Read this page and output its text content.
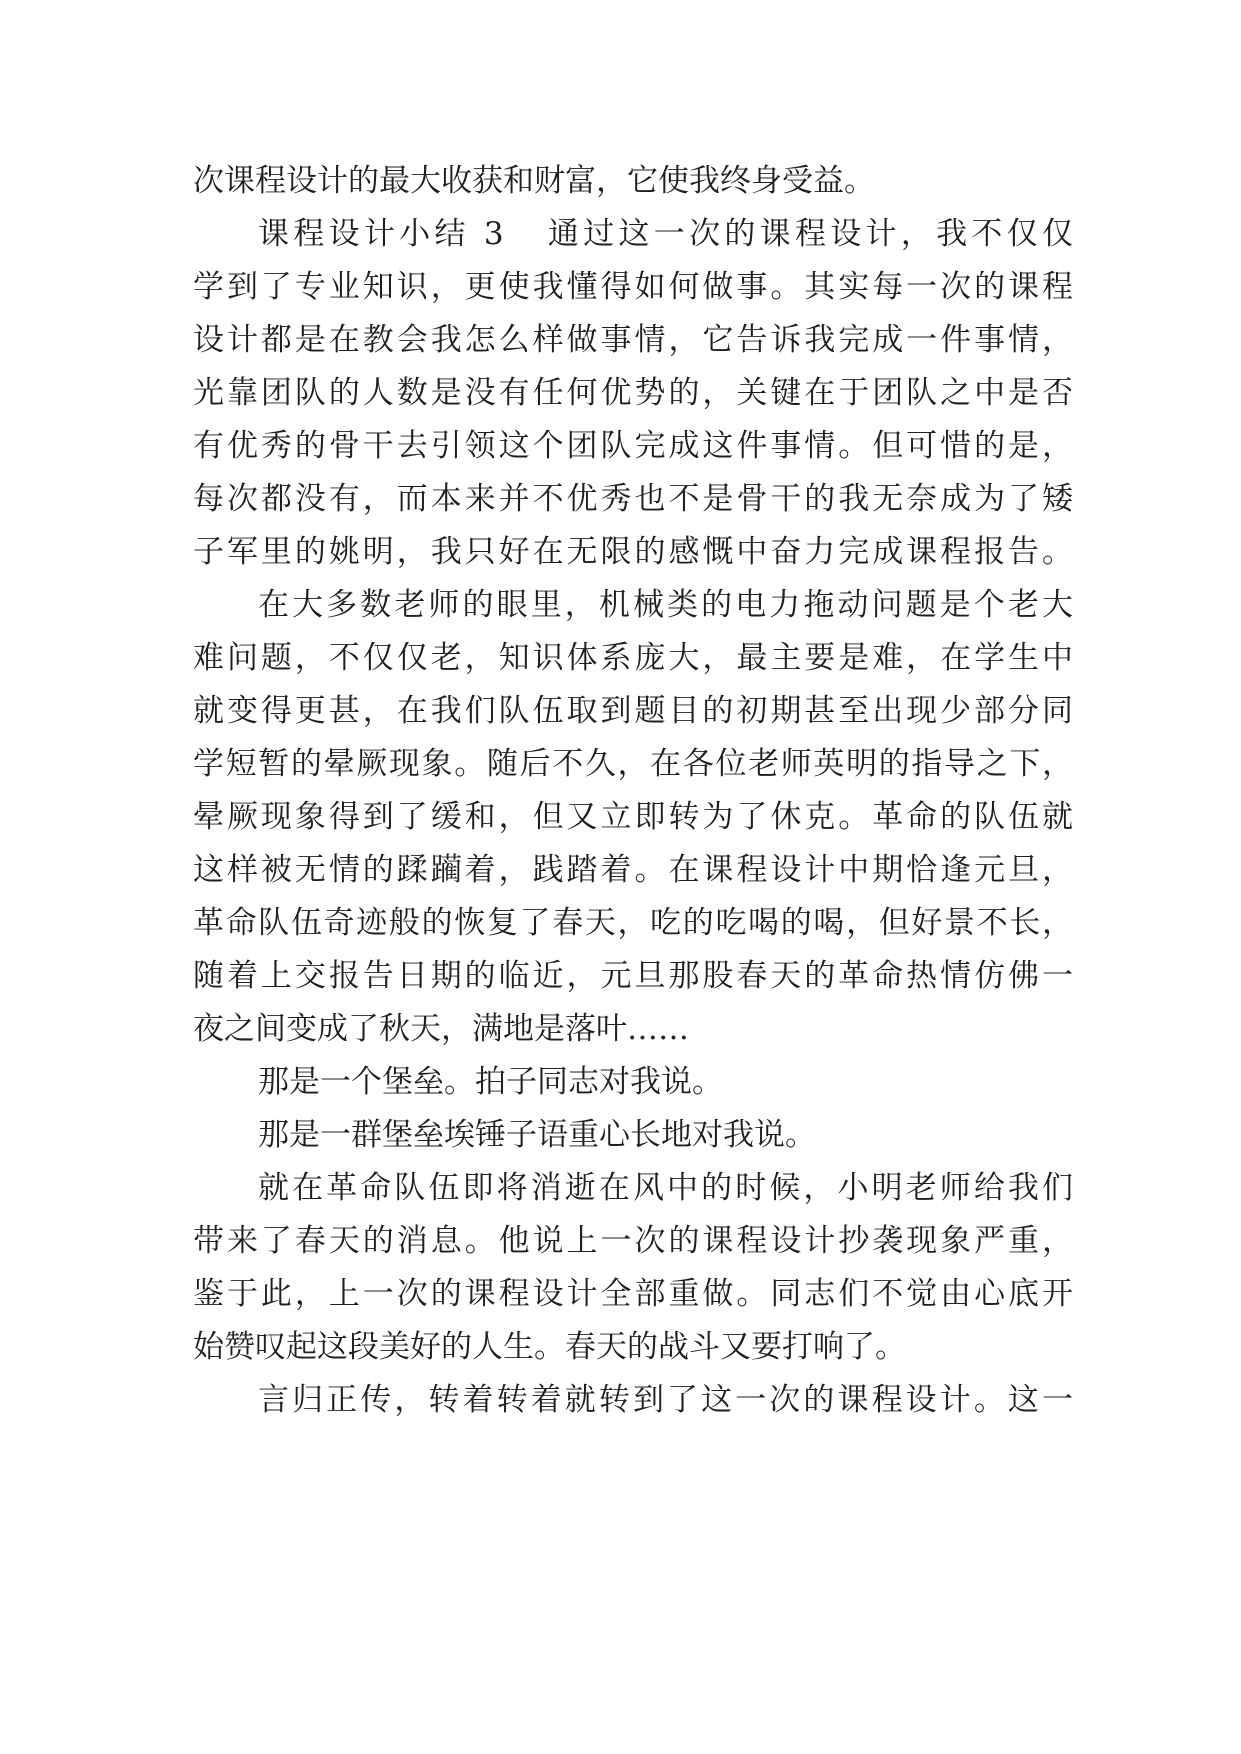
次课程设计的最大收获和财富，它使我终身受益。
课程设计小结 3 通过这一次的课程设计，我不仅仅
学到了专业知识，更使我懂得如何做事。其实每一次的课程
设计都是在教会我怎么样做事情，它告诉我完成一件事情，
光靠团队的人数是没有任何优势的，关键在于团队之中是否
有优秀的骨干去引领这个团队完成这件事情。但可惜的是，
每次都没有，而本来并不优秀也不是骨干的我无奈成为了矮
子军里的姚明，我只好在无限的感慨中奋力完成课程报告。
在大多数老师的眼里，机械类的电力拖动问题是个老大
难问题，不仅仅老，知识体系庞大，最主要是难，在学生中
就变得更甚，在我们队伍取到题目的初期甚至出现少部分同
学短暂的晕厥现象。随后不久，在各位老师英明的指导之下，
晕厥现象得到了缓和，但又立即转为了休克。革命的队伍就
这样被无情的蹂躏着，践踏着。在课程设计中期恰逢元旦，
革命队伍奇迹般的恢复了春天，吃的吃喝的喝，但好景不长，
随着上交报告日期的临近，元旦那股春天的革命热情仿佛一
夜之间变成了秋天，满地是落叶……
那是一个堡垒。拍子同志对我说。
那是一群堡垒埃锤子语重心长地对我说。
就在革命队伍即将消逝在风中的时候，小明老师给我们
带来了春天的消息。他说上一次的课程设计抄袭现象严重，
鉴于此，上一次的课程设计全部重做。同志们不觉由心底开
始赞叹起这段美好的人生。春天的战斗又要打响了。
言归正传，转着转着就转到了这一次的课程设计。这一
